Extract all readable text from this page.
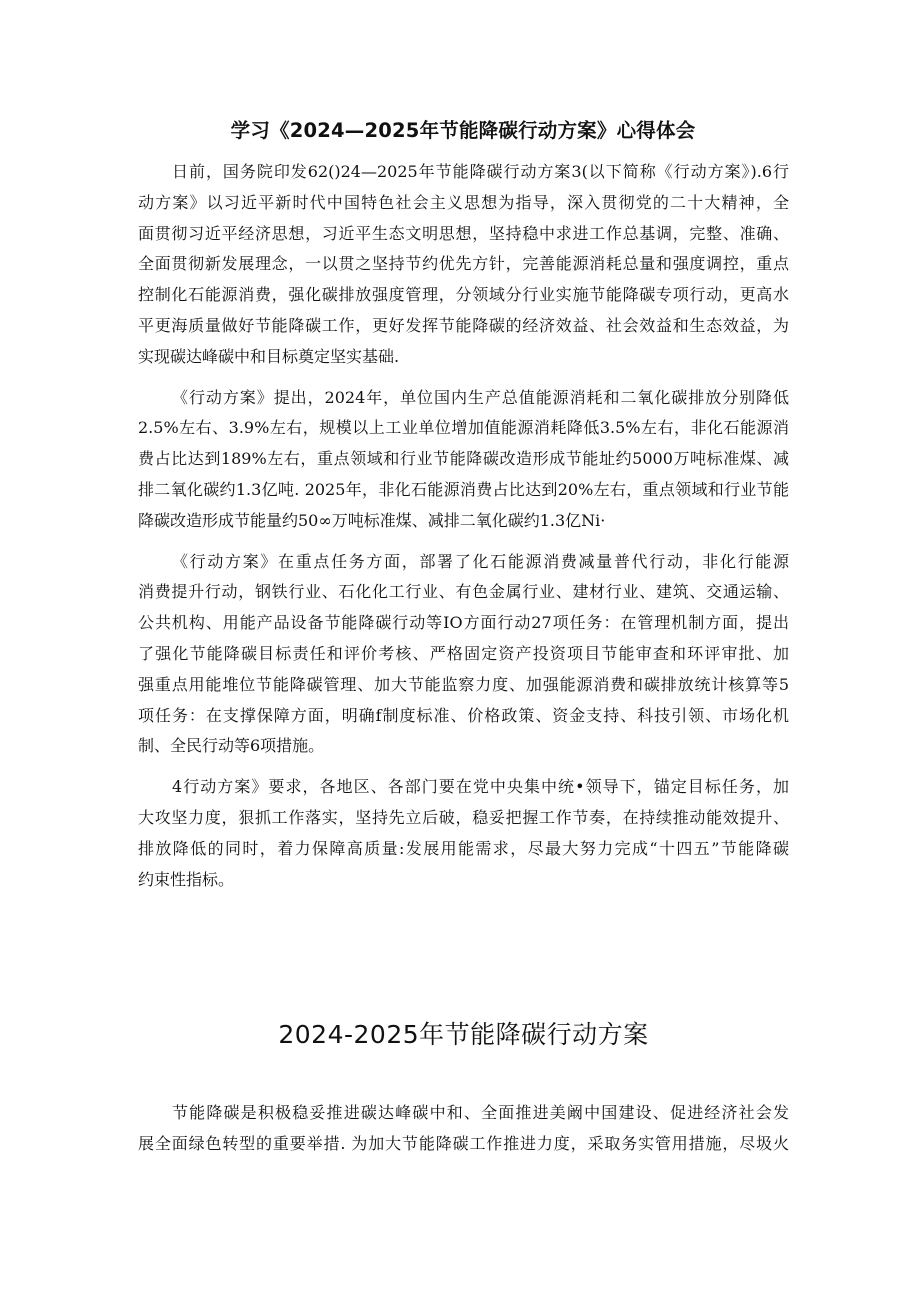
学习《2024—2025年节能降碳行动方案》心得体会

日前，国务院印发62()24—2025年节能降碳行动方案3(以下简称《行动方案》).6行
动方案》以习近平新时代中国特色社会主义思想为指导，深入贯彻党的二十大精神，全
面贯彻习近平经济思想，习近平生态文明思想，坚持稳中求进工作总基调，完整、准确、
全面贯彻新发展理念，一以贯之坚持节约优先方针，完善能源消耗总量和强度调控，重点
控制化石能源消费，强化碳排放强度管理，分领域分行业实施节能降碳专项行动，更高水
平更海质量做好节能降碳工作，更好发挥节能降碳的经济效益、社会效益和生态效益，为
实现碳达峰碳中和目标奠定坚实基础.

《行动方案》提出，2024年，单位国内生产总值能源消耗和二氧化碳排放分别降低
2.5%左右、3.9%左右，规模以上工业单位增加值能源消耗降低3.5%左右，非化石能源消
费占比达到189%左右，重点领域和行业节能降碳改造形成节能址约5000万吨标准煤、减
排二氧化碳约1.3亿吨. 2025年，非化石能源消费占比达到20%左右，重点领域和行业节能
降碳改造形成节能量约50∞万吨标准煤、减排二氧化碳约1.3亿Ni·

《行动方案》在重点任务方面，部署了化石能源消费减量普代行动，非化行能源
消费提升行动，钢铁行业、石化化工行业、有色金属行业、建材行业、建筑、交通运输、
公共机构、用能产品设备节能降碳行动等IO方面行动27项任务：在管理机制方面，提出
了强化节能降碳目标责任和评价考核、严格固定资产投资项目节能审查和环评审批、加
强重点用能堆位节能降碳管理、加大节能监察力度、加强能源消费和碳排放统计核算等5
项任务：在支撑保障方面，明确f制度标准、价格政策、资金支持、科技引领、市场化机
制、全民行动等6项措施。

4行动方案》要求，各地区、各部门要在党中央集中统•领导下，锚定目标任务，加
大攻坚力度，狠抓工作落实，坚持先立后破，稳妥把握工作节奏，在持续推动能效提升、
排放降低的同时，着力保障高质量:发展用能需求，尽最大努力完成“十四五”节能降碳
约束性指标。

2024-2025年节能降碳行动方案

节能降碳是积极稳妥推进碳达峰碳中和、全面推进美阚中国建设、促进经济社会发
展全面绿色转型的重要举措. 为加大节能降碳工作推进力度，采取务实管用措施，尽圾火
